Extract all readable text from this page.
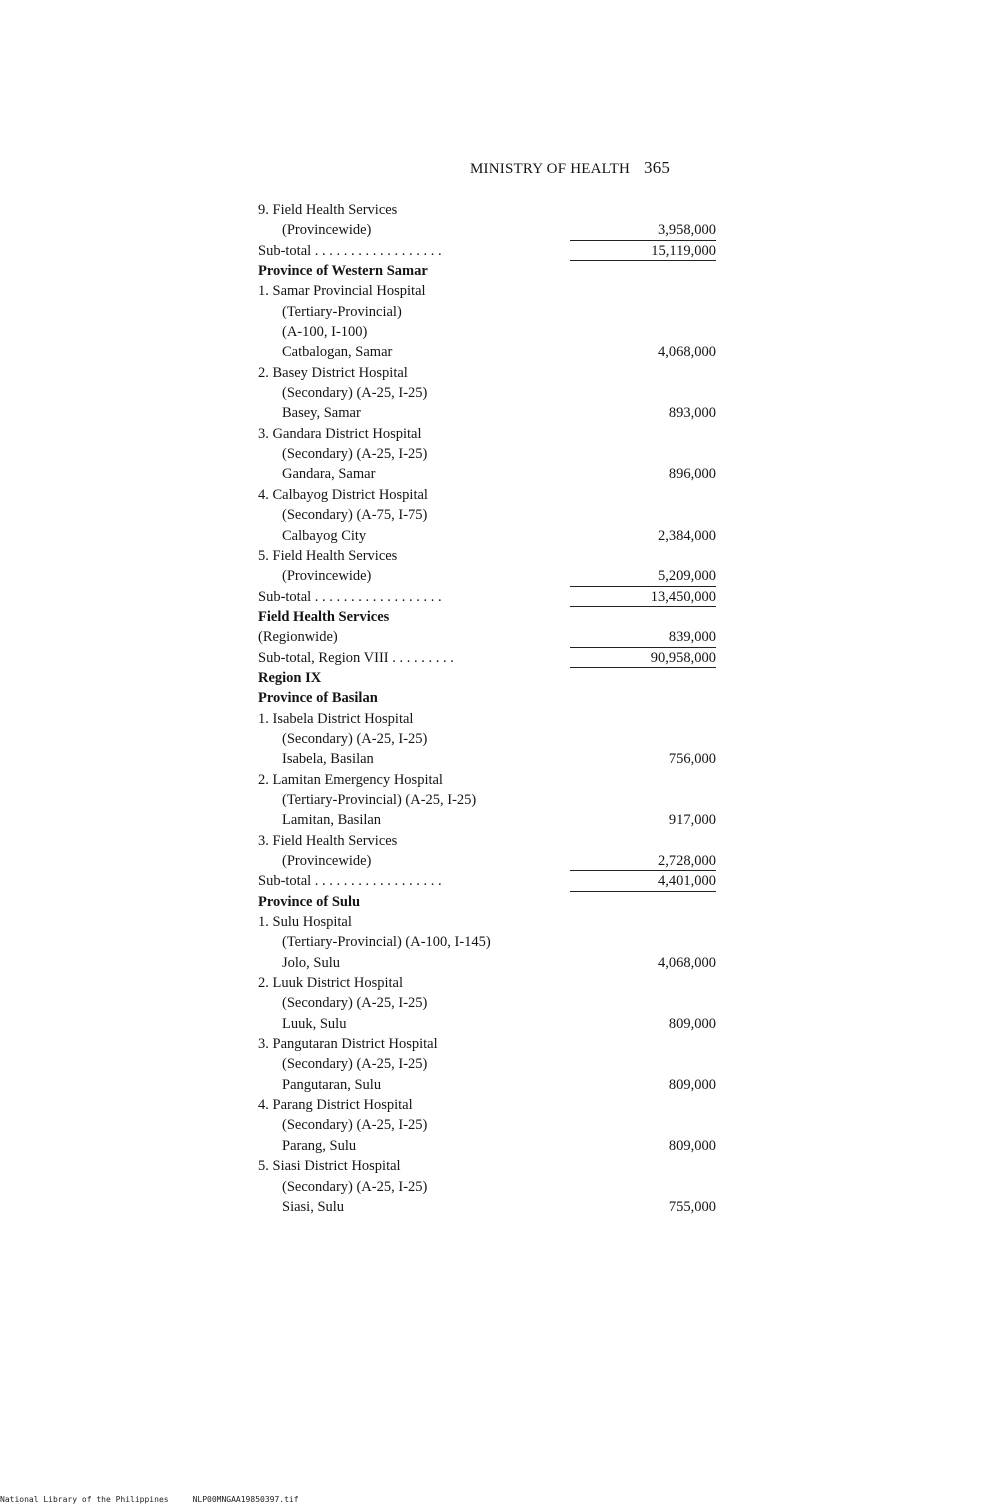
MINISTRY OF HEALTH 365
9. Field Health Services
(Provincewide)	3,958,000
Sub-total . . . . . . . . . . . . . . . . . .	15,119,000
Province of Western Samar
1. Samar Provincial Hospital
(Tertiary-Provincial)
(A-100, I-100)
Catbalogan, Samar	4,068,000
2. Basey District Hospital
(Secondary) (A-25, I-25)
Basey, Samar	893,000
3. Gandara District Hospital
(Secondary) (A-25, I-25)
Gandara, Samar	896,000
4. Calbayog District Hospital
(Secondary) (A-75, I-75)
Calbayog City	2,384,000
5. Field Health Services
(Provincewide)	5,209,000
Sub-total . . . . . . . . . . . . . . . . . .	13,450,000
Field Health Services
(Regionwide)	839,000
Sub-total, Region VIII . . . . . . . . .	90,958,000
Region IX
Province of Basilan
1. Isabela District Hospital
(Secondary) (A-25, I-25)
Isabela, Basilan	756,000
2. Lamitan Emergency Hospital
(Tertiary-Provincial) (A-25, I-25)
Lamitan, Basilan	917,000
3. Field Health Services
(Provincewide)	2,728,000
Sub-total . . . . . . . . . . . . . . . . . .	4,401,000
Province of Sulu
1. Sulu Hospital
(Tertiary-Provincial) (A-100, I-145)
Jolo, Sulu	4,068,000
2. Luuk District Hospital
(Secondary) (A-25, I-25)
Luuk, Sulu	809,000
3. Pangutaran District Hospital
(Secondary) (A-25, I-25)
Pangutaran, Sulu	809,000
4. Parang District Hospital
(Secondary) (A-25, I-25)
Parang, Sulu	809,000
5. Siasi District Hospital
(Secondary) (A-25, I-25)
Siasi, Sulu	755,000
National Library of the Philippines	NLP00MNGAA19850397.tif
